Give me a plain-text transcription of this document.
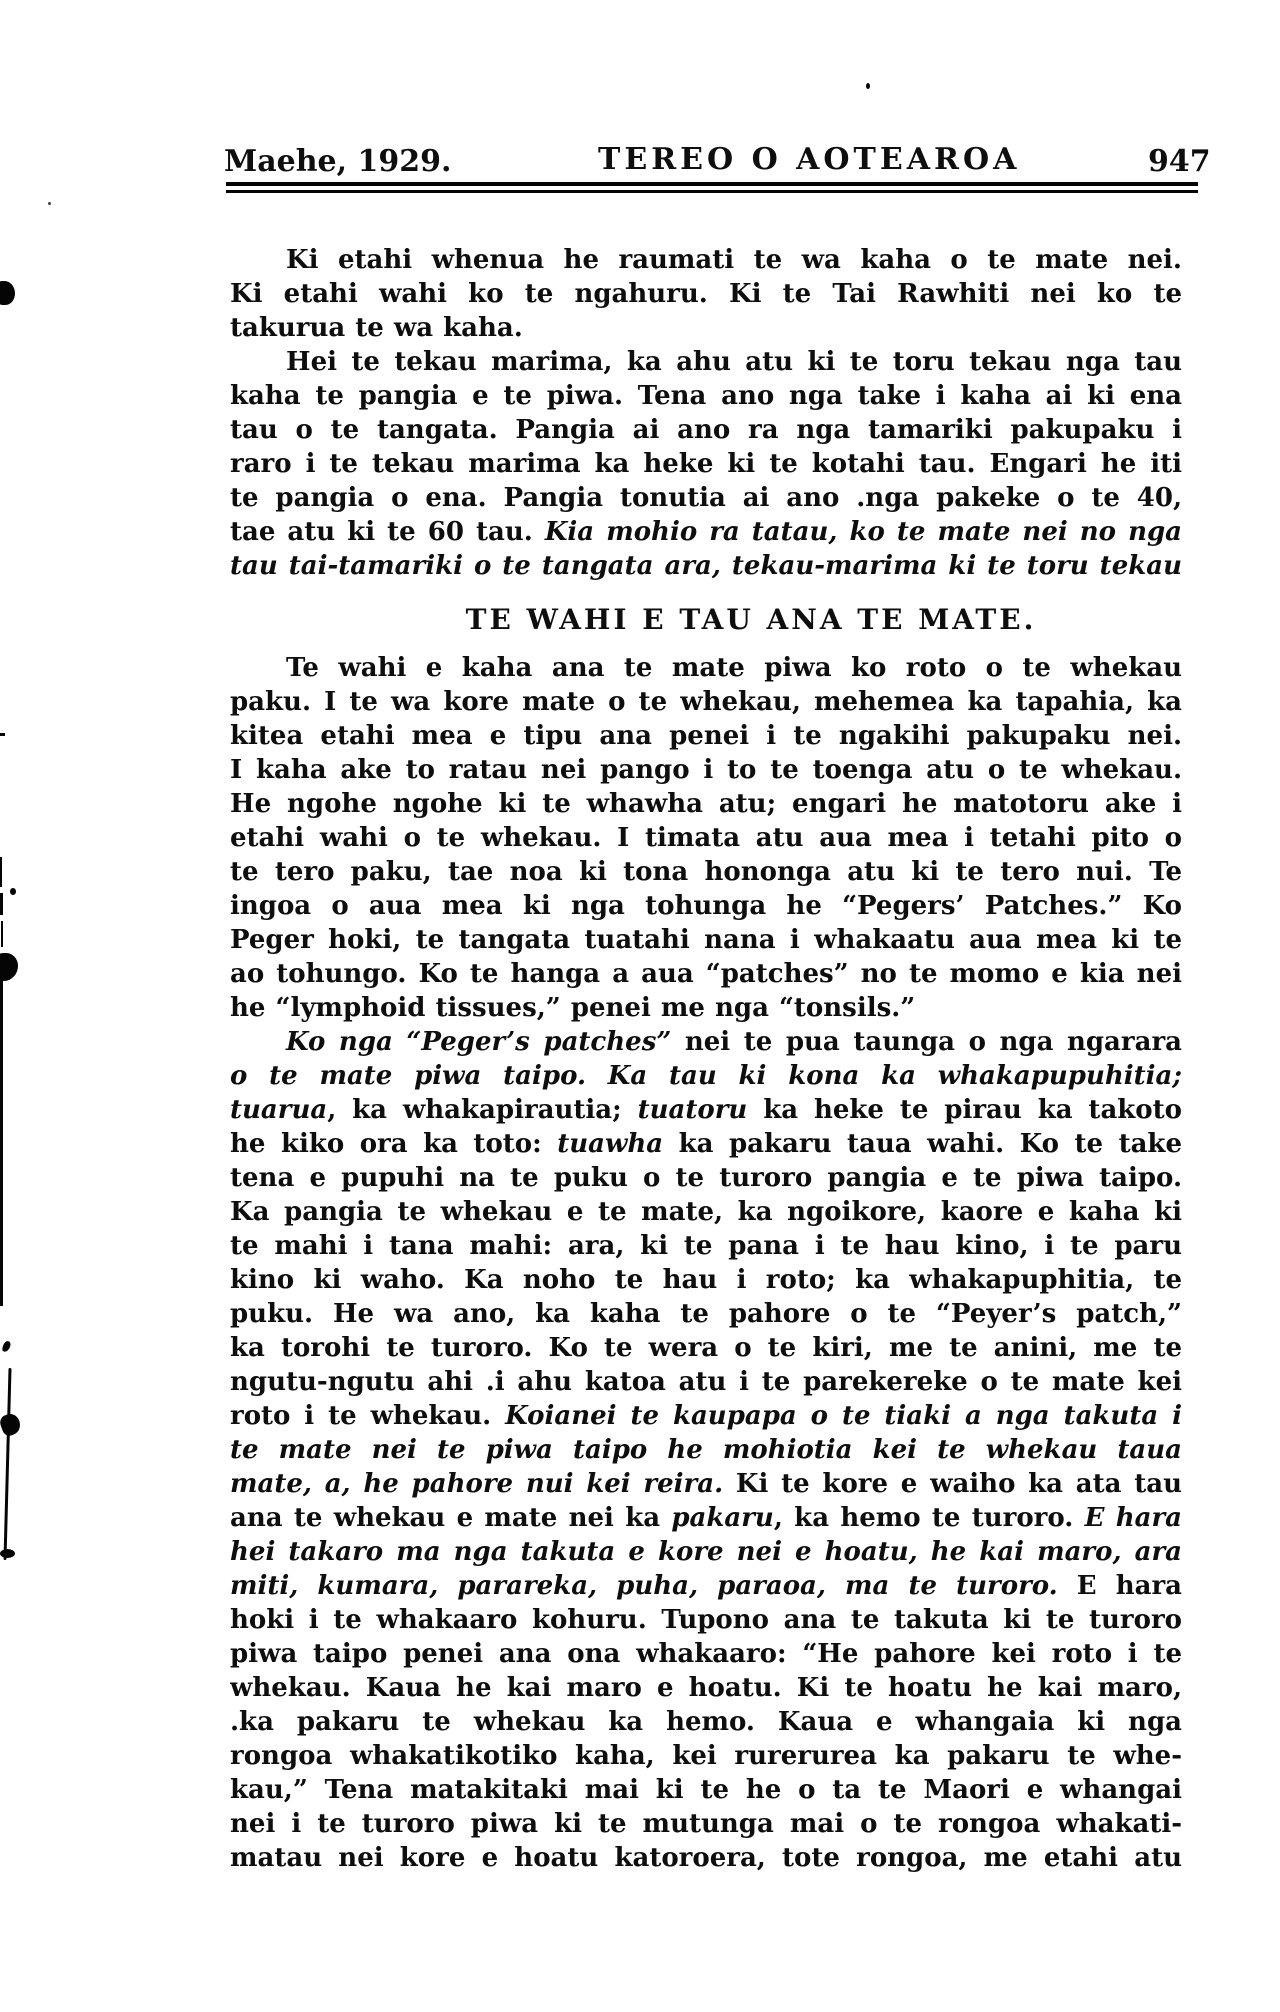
Maehe, 1929.	TEREO O AOTEAROA	947
Ki etahi whenua he raumati te wa kaha o te mate nei.
Ki etahi wahi ko te ngahuru. Ki te Tai Rawhiti nei ko te
takurua te wa kaha.
Hei te tekau marima, ka ahu atu ki te toru tekau nga tau
kaha te pangia e te piwa. Tena ano nga take i kaha ai ki ena
tau o te tangata. Pangia ai ano ra nga tamariki pakupaku i
raro i te tekau marima ka heke ki te kotahi tau. Engari he iti
te pangia o ena. Pangia tonutia ai ano .nga pakeke o te 40,
tae atu ki te 60 tau. Kia mohio ra tatau, ko te mate nei no nga
tau tai-tamariki o te tangata ara, tekau-marima ki te toru tekau
TE WAHI E TAU ANA TE MATE.
Te wahi e kaha ana te mate piwa ko roto o te whekau
paku. I te wa kore mate o te whekau, mehemea ka tapahia, ka
kitea etahi mea e tipu ana penei i te ngakihi pakupaku nei.
I kaha ake to ratau nei pango i to te toenga atu o te whekau.
He ngohe ngohe ki te whawha atu; engari he matotoru ake i
etahi wahi o te whekau. I timata atu aua mea i tetahi pito o
te tero paku, tae noa ki tona hononga atu ki te tero nui. Te
ingoa o aua mea ki nga tohunga he “Pegers’ Patches.” Ko
Peger hoki, te tangata tuatahi nana i whakaatu aua mea ki te
ao tohungo. Ko te hanga a aua “patches” no te momo e kia nei
he “lymphoid tissues,” penei me nga “tonsils.”
Ko nga “Peger’s patches” nei te pua taunga o nga ngarara
o te mate piwa taipo. Ka tau ki kona ka whakapupuhitia;
tuarua, ka whakapirautia; tuatoru ka heke te pirau ka takoto
he kiko ora ka toto: tuawha ka pakaru taua wahi. Ko te take
tena e pupuhi na te puku o te turoro pangia e te piwa taipo.
Ka pangia te whekau e te mate, ka ngoikore, kaore e kaha ki
te mahi i tana mahi: ara, ki te pana i te hau kino, i te paru
kino ki waho. Ka noho te hau i roto; ka whakapuphitia, te
puku. He wa ano, ka kaha te pahore o te “Peyer’s patch,”
ka torohi te turoro. Ko te wera o te kiri, me te anini, me te
ngutu-ngutu ahi .i ahu katoa atu i te parekereke o te mate kei
roto i te whekau. Koianei te kaupapa o te tiaki a nga takuta i
te mate nei te piwa taipo he mohiotia kei te whekau taua
mate, a, he pahore nui kei reira. Ki te kore e waiho ka ata tau
ana te whekau e mate nei ka pakaru, ka hemo te turoro. E hara
hei takaro ma nga takuta e kore nei e hoatu, he kai maro, ara
miti, kumara, parareka, puha, paraoa, ma te turoro. E hara
hoki i te whakaaro kohuru. Tupono ana te takuta ki te turoro
piwa taipo penei ana ona whakaaro: “He pahore kei roto i te
whekau. Kaua he kai maro e hoatu. Ki te hoatu he kai maro,
.ka pakaru te whekau ka hemo. Kaua e whangaia ki nga
rongoa whakatikotiko kaha, kei rurerurea ka pakaru te whe-
kau,” Tena matakitaki mai ki te he o ta te Maori e whangai
nei i te turoro piwa ki te mutunga mai o te rongoa whakati-
matau nei kore e hoatu katoroera, tote rongoa, me etahi atu
